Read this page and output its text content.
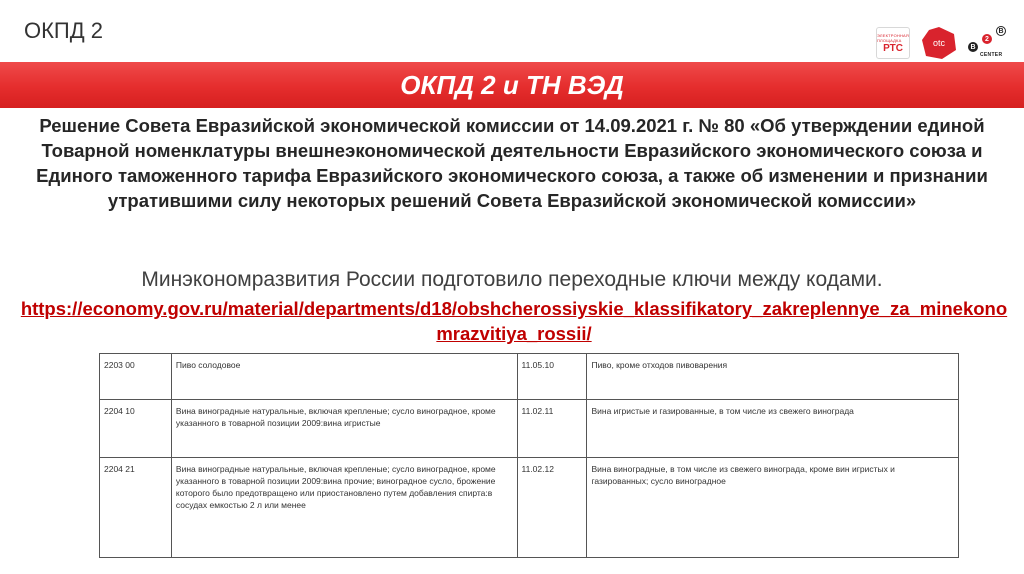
ОКПД 2	ЭЛЕКТРОННАЯ ПЛОЩАДКА
РТС	otc	B
2
B
CENTER
ОКПД 2 и ТН ВЭД
Решение Совета Евразийской экономической комиссии от 14.09.2021 г. № 80 «Об утверждении единой Товарной номенклатуры внешнеэкономической деятельности Евразийского экономического союза и Единого таможенного тарифа Евразийского экономического союза, а также об изменении и признании утратившими силу некоторых решений Совета Евразийской экономической комиссии»
Минэкономразвития России подготовило переходные ключи между кодами.
https://economy.gov.ru/material/departments/d18/obshcherossiyskie_klassifikatory_zakreplennye_za_minekonomrazvitiya_rossii/
2203 00	Пиво солодовое	11.05.10	Пиво, кроме отходов пивоварения
2204 10	Вина виноградные натуральные, включая крепленые; сусло виноградное, кроме указанного в товарной позиции 2009:вина игристые	11.02.11	Вина игристые и газированные, в том числе из свежего винограда
2204 21	Вина виноградные натуральные, включая крепленые; сусло виноградное, кроме указанного в товарной позиции 2009:вина прочие; виноградное сусло, брожение которого было предотвращено или приостановлено путем добавления спирта:в сосудах емкостью 2 л или менее	11.02.12	Вина виноградные, в том числе из свежего винограда, кроме вин игристых и газированных; сусло виноградное
